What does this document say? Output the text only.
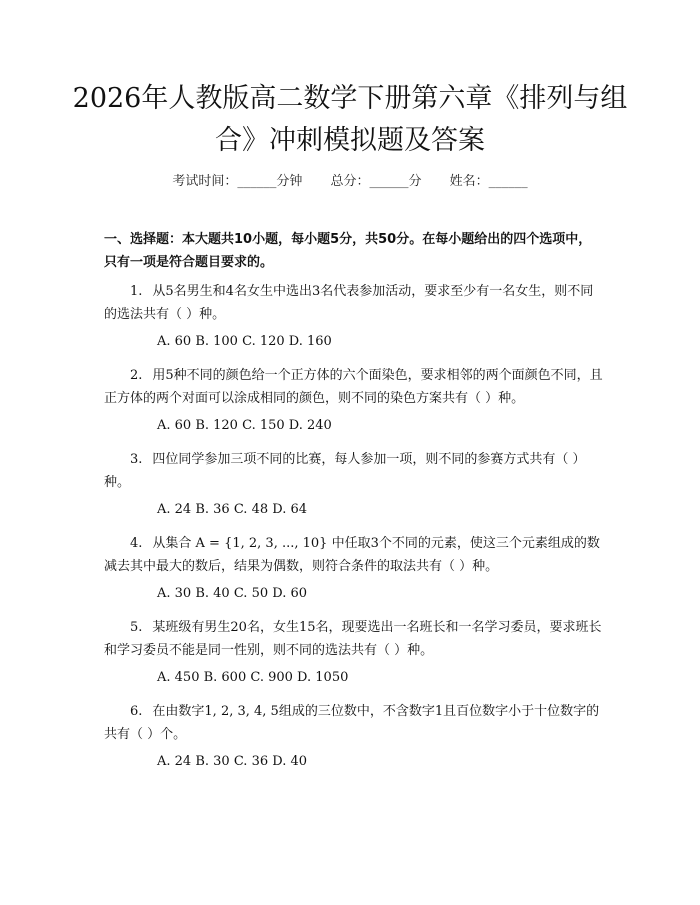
2026年人教版高二数学下册第六章《排列与组合》冲刺模拟题及答案
考试时间：______分钟 总分：______分 姓名：______

一、选择题：本大题共10小题，每小题5分，共50分。在每小题给出的四个选项中，只有一项是符合题目要求的。

1. 从5名男生和4名女生中选出3名代表参加活动，要求至少有一名女生，则不同的选法共有（ ）种。
A. 60 B. 100 C. 120 D. 160
2. 用5种不同的颜色给一个正方体的六个面染色，要求相邻的两个面颜色不同，且正方体的两个对面可以涂成相同的颜色，则不同的染色方案共有（ ）种。
A. 60 B. 120 C. 150 D. 240
3. 四位同学参加三项不同的比赛，每人参加一项，则不同的参赛方式共有（ ）种。
A. 24 B. 36 C. 48 D. 64
4. 从集合 A = {1, 2, 3, ..., 10} 中任取3个不同的元素，使这三个元素组成的数减去其中最大的数后，结果为偶数，则符合条件的取法共有（ ）种。
A. 30 B. 40 C. 50 D. 60
5. 某班级有男生20名，女生15名，现要选出一名班长和一名学习委员，要求班长和学习委员不能是同一性别，则不同的选法共有（ ）种。
A. 450 B. 600 C. 900 D. 1050
6. 在由数字1, 2, 3, 4, 5组成的三位数中，不含数字1且百位数字小于十位数字的共有（ ）个。
A. 24 B. 30 C. 36 D. 40
